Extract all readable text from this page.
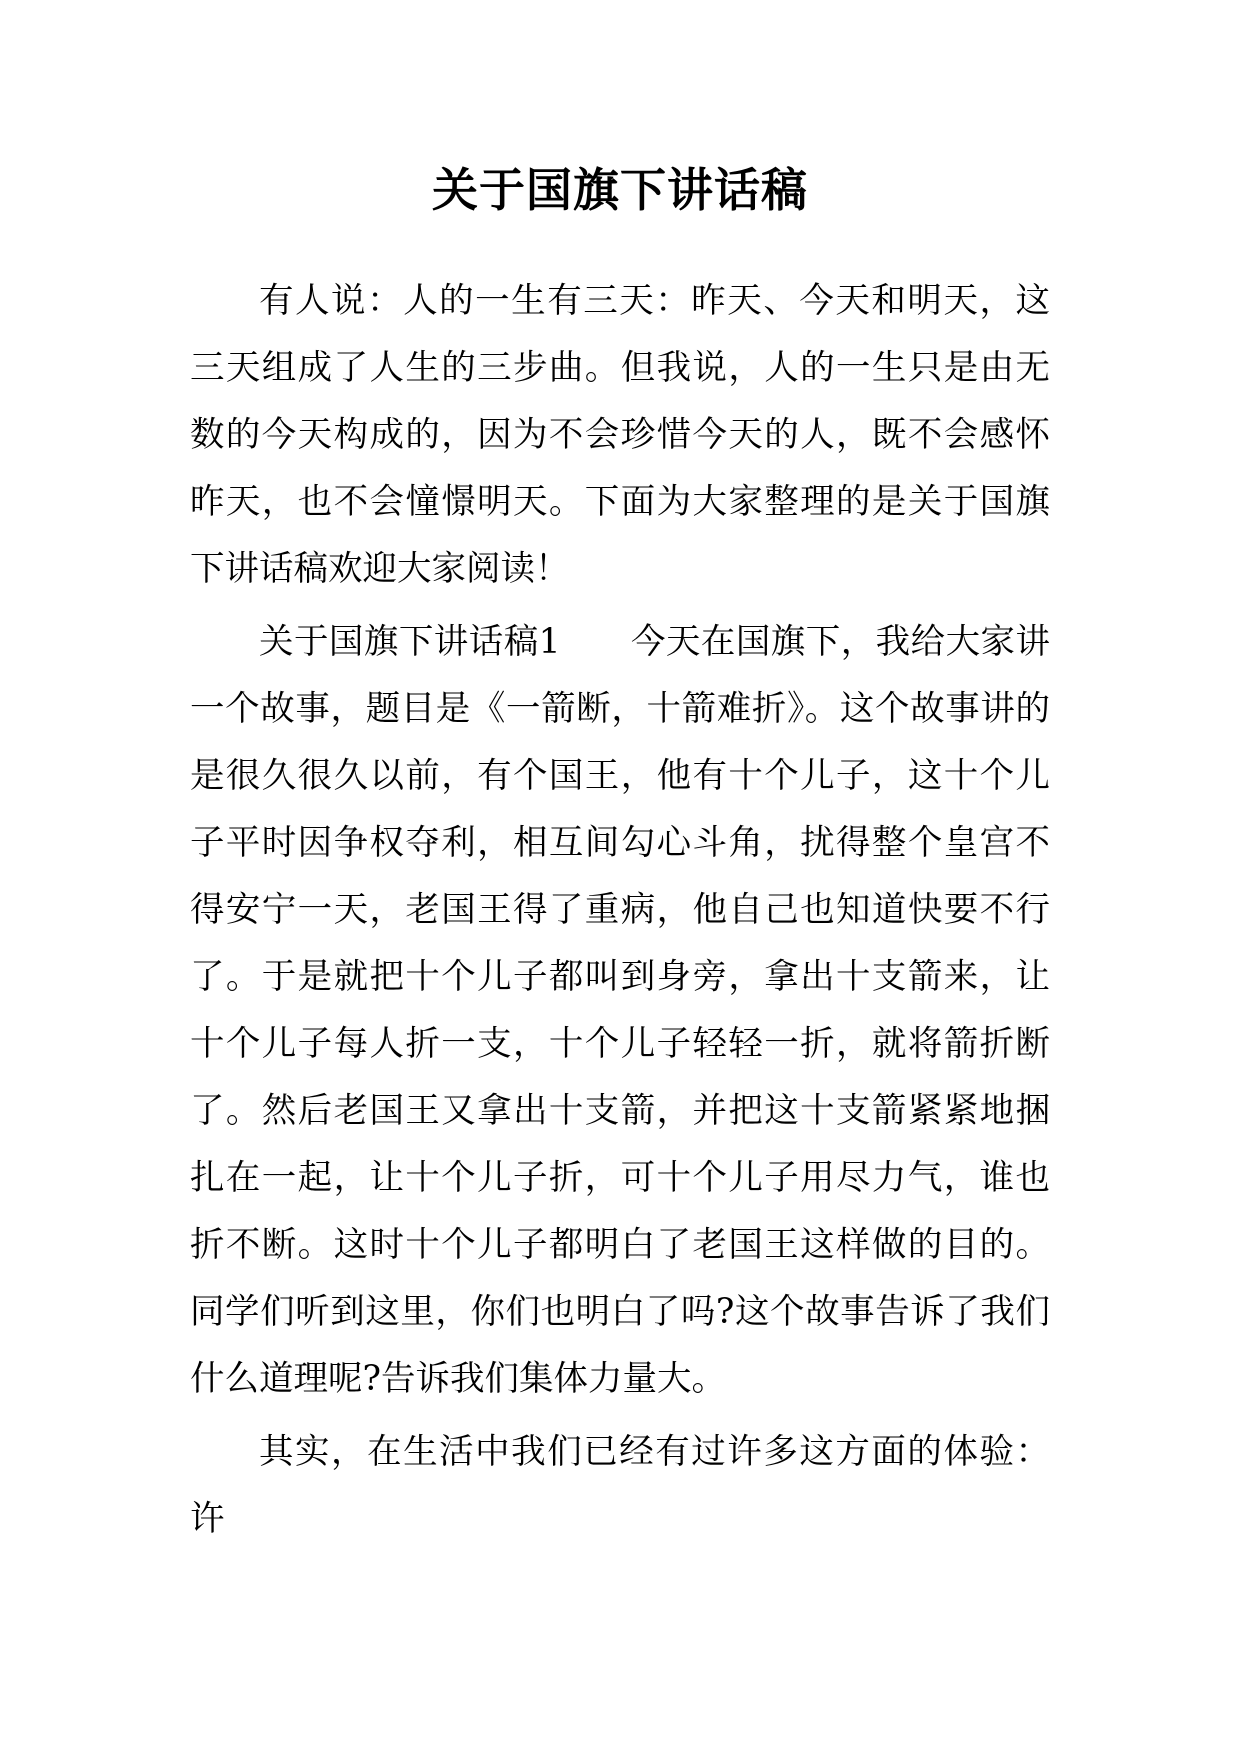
关于国旗下讲话稿

有人说：人的一生有三天：昨天、今天和明天，这三天组成了人生的三步曲。但我说，人的一生只是由无数的今天构成的，因为不会珍惜今天的人，既不会感怀昨天，也不会憧憬明天。下面为大家整理的是关于国旗下讲话稿欢迎大家阅读！

关于国旗下讲话稿1　　今天在国旗下，我给大家讲一个故事，题目是《一箭断，十箭难折》。这个故事讲的是很久很久以前，有个国王，他有十个儿子，这十个儿子平时因争权夺利，相互间勾心斗角，扰得整个皇宫不得安宁一天，老国王得了重病，他自己也知道快要不行了。于是就把十个儿子都叫到身旁，拿出十支箭来，让十个儿子每人折一支，十个儿子轻轻一折，就将箭折断了。然后老国王又拿出十支箭，并把这十支箭紧紧地捆扎在一起，让十个儿子折，可十个儿子用尽力气，谁也折不断。这时十个儿子都明白了老国王这样做的目的。同学们听到这里，你们也明白了吗?这个故事告诉了我们什么道理呢?告诉我们集体力量大。

其实，在生活中我们已经有过许多这方面的体验：许
